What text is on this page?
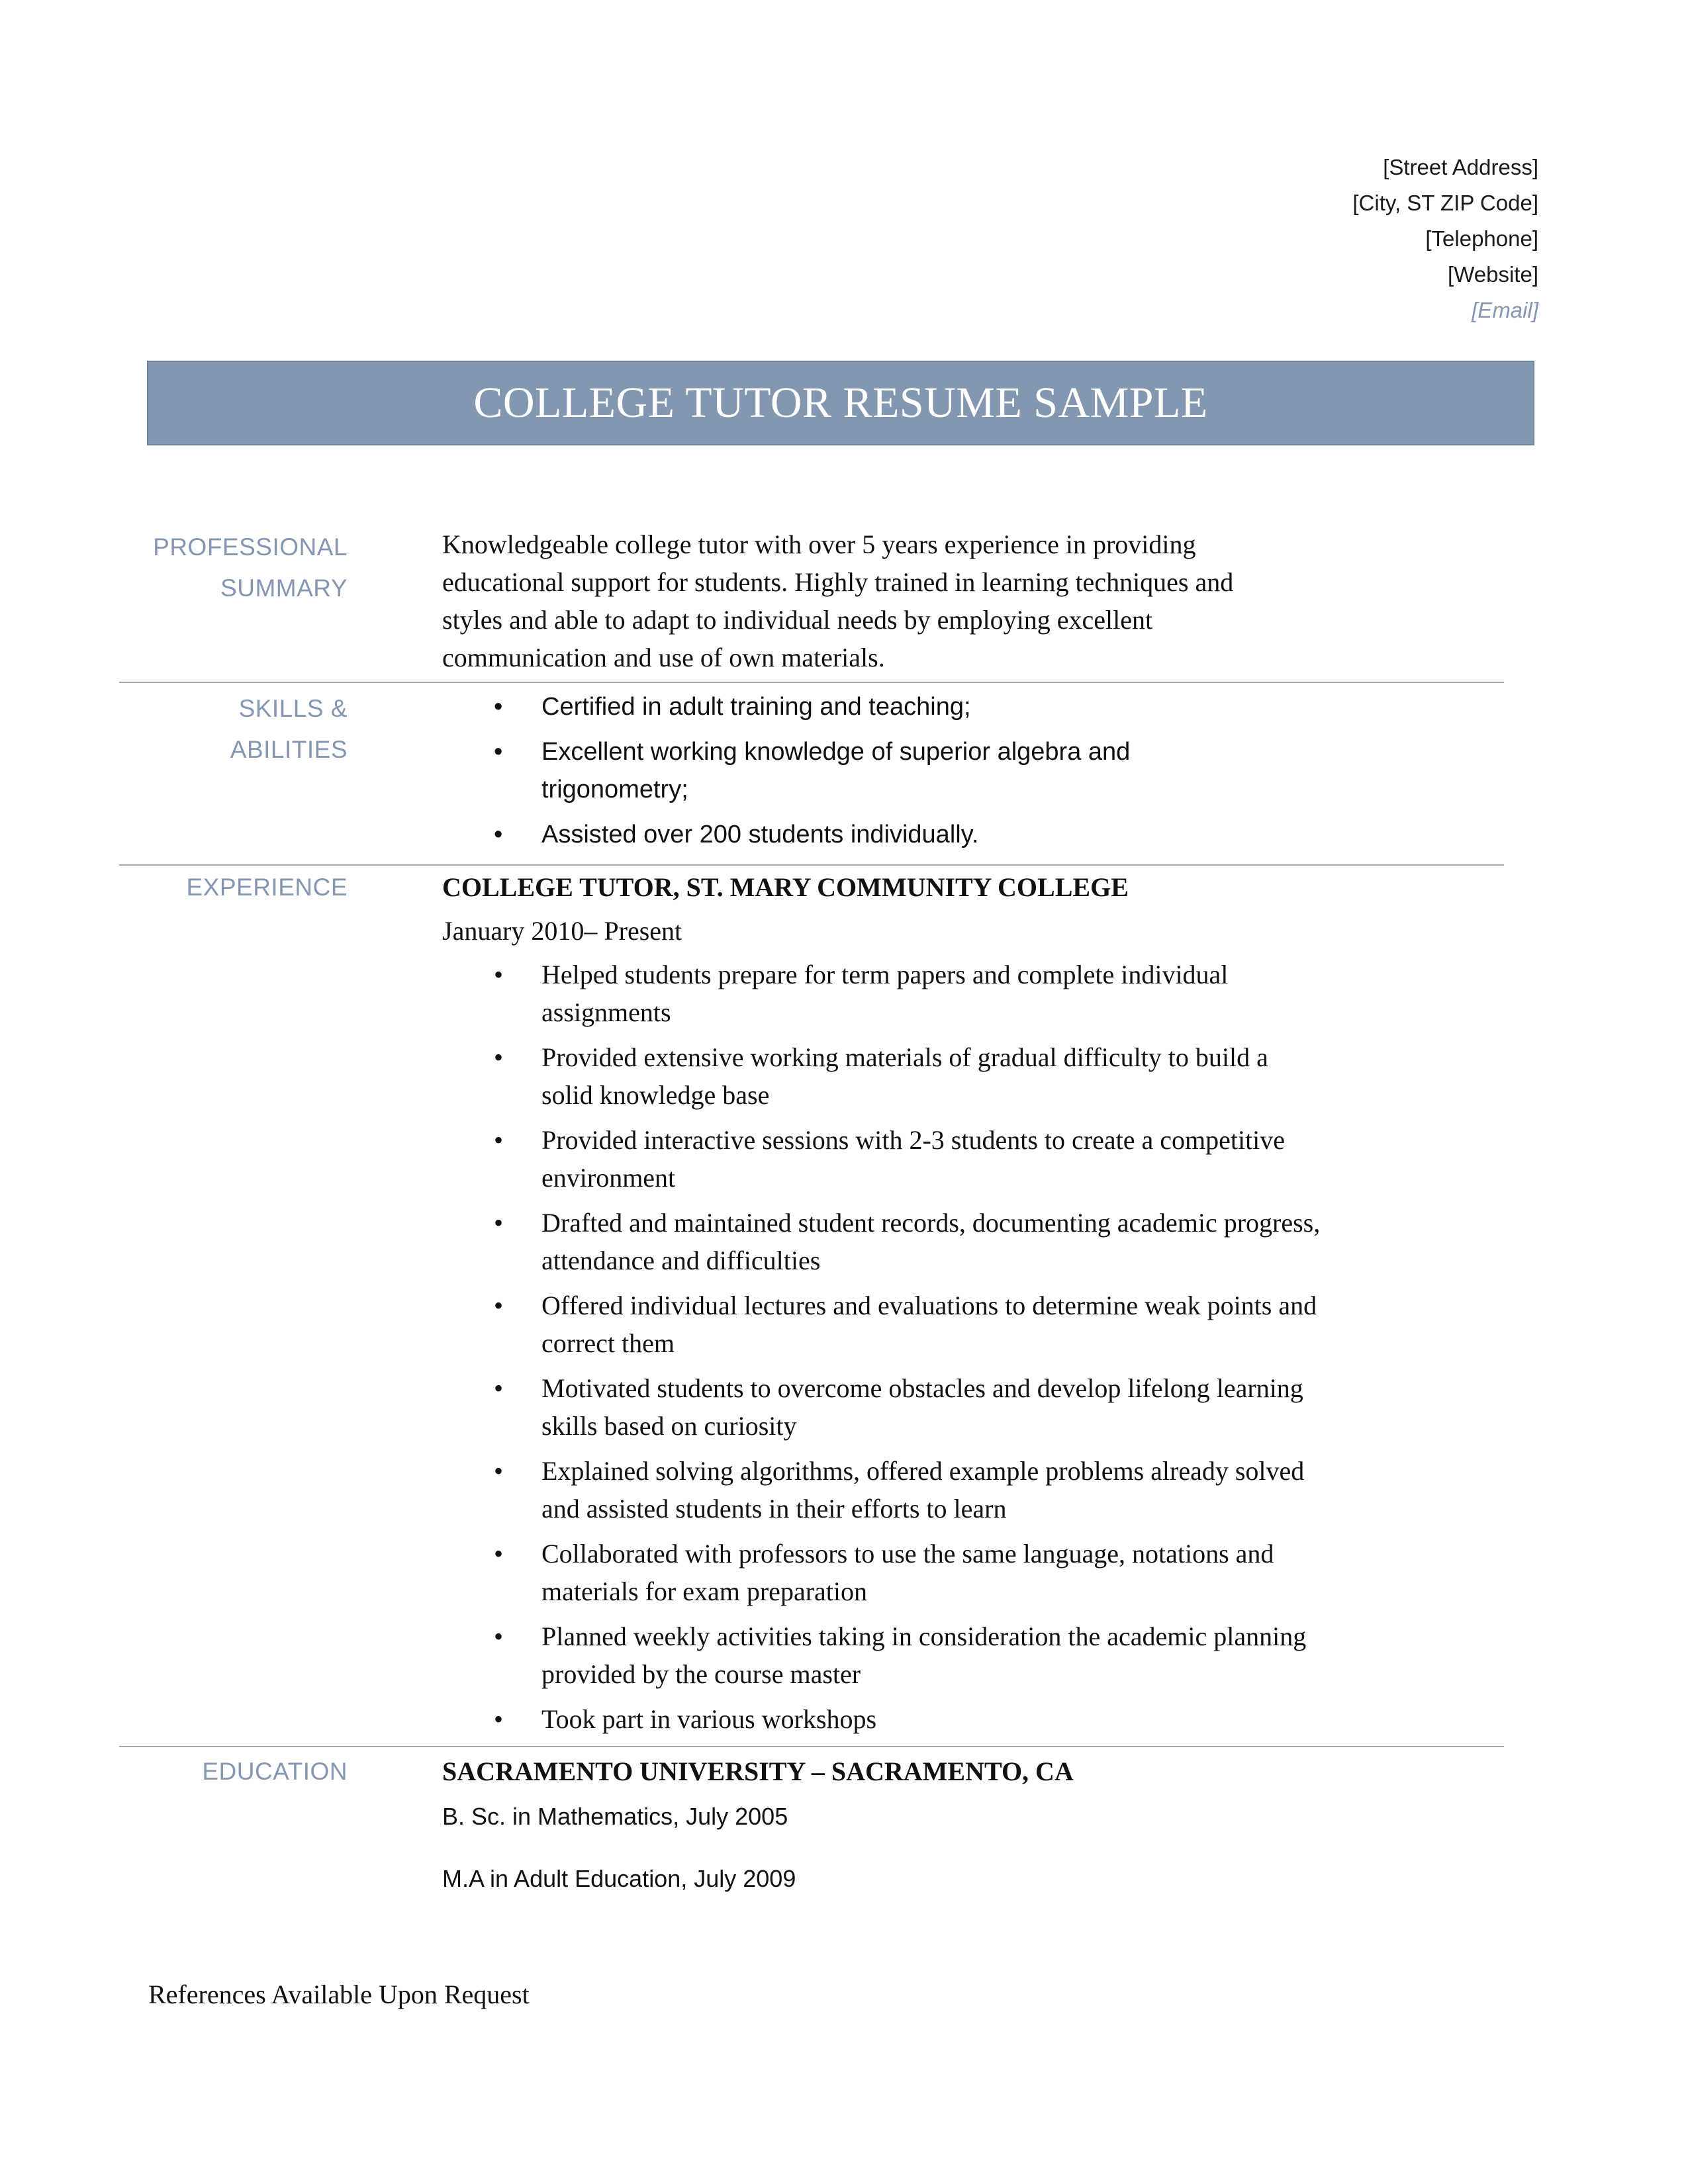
[Street Address]
[City, ST ZIP Code]
[Telephone]
[Website]
[Email]
COLLEGE TUTOR RESUME SAMPLE
PROFESSIONAL
SUMMARY
Knowledgeable college tutor with over 5 years experience in providing educational support for students. Highly trained in learning techniques and styles and able to adapt to individual needs by employing excellent communication and use of own materials.
SKILLS & ABILITIES
• Certified in adult training and teaching;
• Excellent working knowledge of superior algebra and trigonometry;
• Assisted over 200 students individually.
EXPERIENCE	COLLEGE TUTOR, ST. MARY COMMUNITY COLLEGE
January 2010– Present
• Helped students prepare for term papers and complete individual assignments
• Provided extensive working materials of gradual difficulty to build a solid knowledge base
• Provided interactive sessions with 2-3 students to create a competitive environment
• Drafted and maintained student records, documenting academic progress, attendance and difficulties
• Offered individual lectures and evaluations to determine weak points and correct them
• Motivated students to overcome obstacles and develop lifelong learning skills based on curiosity
• Explained solving algorithms, offered example problems already solved and assisted students in their efforts to learn
• Collaborated with professors to use the same language, notations and materials for exam preparation
• Planned weekly activities taking in consideration the academic planning provided by the course master
• Took part in various workshops
EDUCATION	SACRAMENTO UNIVERSITY – SACRAMENTO, CA
B. Sc. in Mathematics, July 2005
M.A in Adult Education, July 2009
References Available Upon Request
